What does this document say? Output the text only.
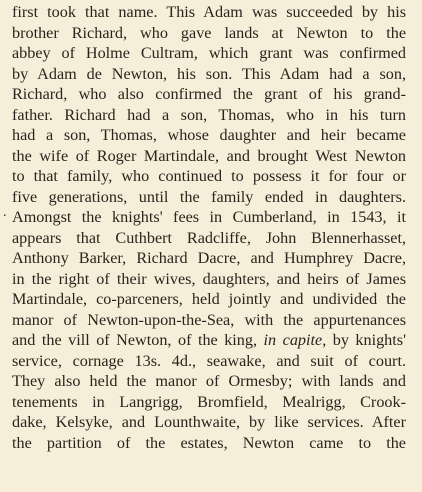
.
first took that name. This Adam was succeeded by his
brother Richard, who gave lands at Newton to the
abbey of Holme Cultram, which grant was confirmed
by Adam de Newton, his son. This Adam had a son,
Richard, who also confirmed the grant of his grand-
father. Richard had a son, Thomas, who in his turn
had a son, Thomas, whose daughter and heir became
the wife of Roger Martindale, and brought West Newton
to that family, who continued to possess it for four or
five generations, until the family ended in daughters.
Amongst the knights' fees in Cumberland, in 1543, it
appears that Cuthbert Radcliffe, John Blennerhasset,
Anthony Barker, Richard Dacre, and Humphrey Dacre,
in the right of their wives, daughters, and heirs of James
Martindale, co-parceners, held jointly and undivided the
manor of Newton-upon-the-Sea, with the appurtenances
and the vill of Newton, of the king, in capite, by knights'
service, cornage 13s. 4d., seawake, and suit of court.
They also held the manor of Ormesby; with lands and
tenements in Langrigg, Bromfield, Mealrigg, Crook-
dake, Kelsyke, and Lounthwaite, by like services. After
the partition of the estates, Newton came to the
